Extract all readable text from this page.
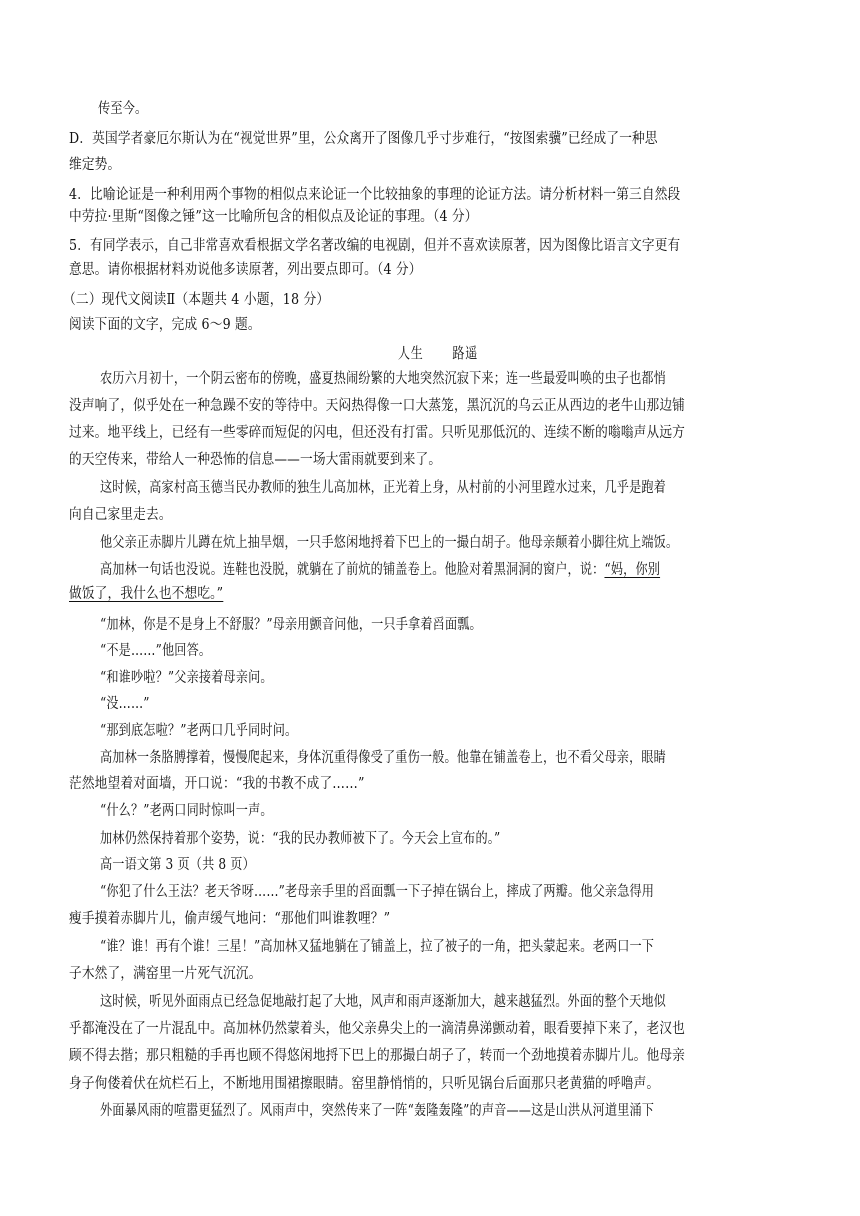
传至今。
D．英国学者豪厄尔斯认为在“视觉世界”里，公众离开了图像几乎寸步难行，“按图索骥”已经成了一种思
维定势。
4．比喻论证是一种利用两个事物的相似点来论证一个比较抽象的事理的论证方法。请分析材料一第三自然段
中劳拉·里斯“图像之锤”这一比喻所包含的相似点及论证的事理。（4 分）
5．有同学表示，自己非常喜欢看根据文学名著改编的电视剧，但并不喜欢读原著，因为图像比语言文字更有
意思。请你根据材料劝说他多读原著，列出要点即可。（4 分）
（二）现代文阅读Ⅱ（本题共 4 小题，18 分）
阅读下面的文字，完成 6～9 题。
人生 路遥
农历六月初十，一个阴云密布的傍晚，盛夏热闹纷繁的大地突然沉寂下来；连一些最爱叫唤的虫子也都悄
没声响了，似乎处在一种急躁不安的等待中。天闷热得像一口大蒸笼，黑沉沉的乌云正从西边的老牛山那边铺
过来。地平线上，已经有一些零碎而短促的闪电，但还没有打雷。只听见那低沉的、连续不断的嗡嗡声从远方
的天空传来，带给人一种恐怖的信息——一场大雷雨就要到来了。
这时候，高家村高玉德当民办教师的独生儿高加林，正光着上身，从村前的小河里蹚水过来，几乎是跑着
向自己家里走去。
他父亲正赤脚片儿蹲在炕上抽旱烟，一只手悠闲地捋着下巴上的一撮白胡子。他母亲颠着小脚往炕上端饭。
高加林一句话也没说。连鞋也没脱，就躺在了前炕的铺盖卷上。他脸对着黑洞洞的窗户，说：“妈，你别
做饭了，我什么也不想吃。”
“加林，你是不是身上不舒服？”母亲用颤音问他，一只手拿着舀面瓢。
“不是……”他回答。
“和谁吵啦？”父亲接着母亲问。
“没……”
“那到底怎啦？”老两口几乎同时问。
高加林一条胳膊撑着，慢慢爬起来，身体沉重得像受了重伤一般。他靠在铺盖卷上，也不看父母亲，眼睛
茫然地望着对面墙，开口说：“我的书教不成了……”
“什么？”老两口同时惊叫一声。
加林仍然保持着那个姿势，说：“我的民办教师被下了。今天会上宣布的。”
高一语文第 3 页（共 8 页）
“你犯了什么王法？老天爷呀……”老母亲手里的舀面瓢一下子掉在锅台上，摔成了两瓣。他父亲急得用
瘦手摸着赤脚片儿，偷声缓气地问：“那他们叫谁教哩？”
“谁？谁！再有个谁！三星！”高加林又猛地躺在了铺盖上，拉了被子的一角，把头蒙起来。老两口一下
子木然了，满窑里一片死气沉沉。
这时候，听见外面雨点已经急促地敲打起了大地，风声和雨声逐渐加大，越来越猛烈。外面的整个天地似
乎都淹没在了一片混乱中。高加林仍然蒙着头，他父亲鼻尖上的一滴清鼻涕颤动着，眼看要掉下来了，老汉也
顾不得去揩；那只粗糙的手再也顾不得悠闲地捋下巴上的那撮白胡子了，转而一个劲地摸着赤脚片儿。他母亲
身子佝偻着伏在炕栏石上，不断地用围裙擦眼睛。窑里静悄悄的，只听见锅台后面那只老黄猫的呼噜声。
外面暴风雨的喧嚣更猛烈了。风雨声中，突然传来了一阵“轰隆轰隆”的声音——这是山洪从河道里涌下
